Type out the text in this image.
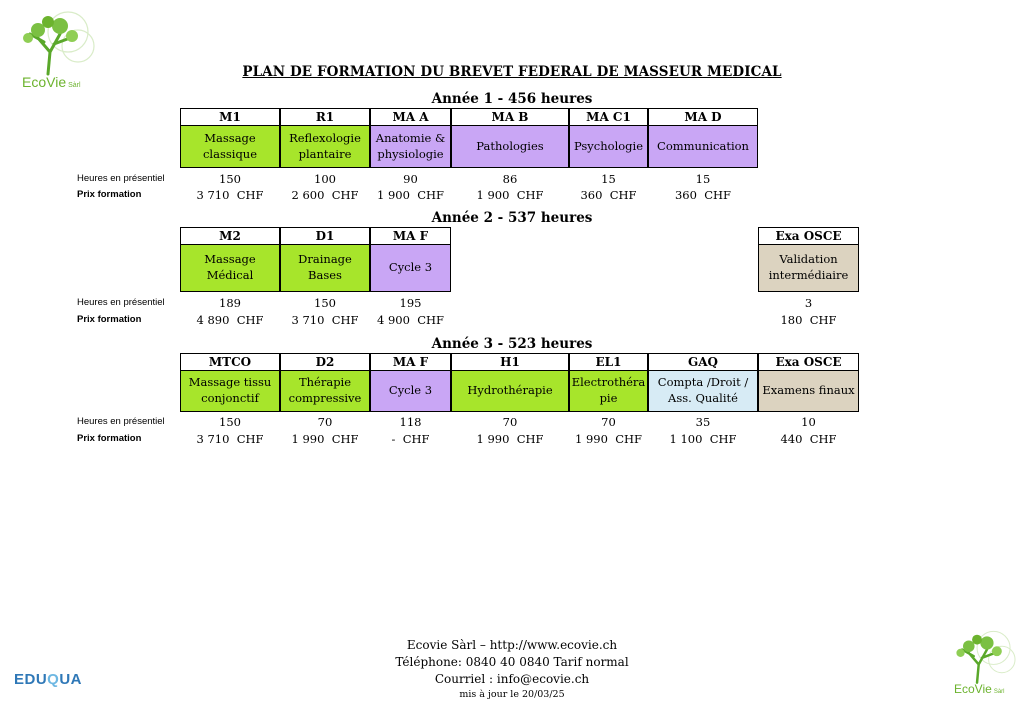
EcoVie Sàrl
PLAN DE FORMATION DU BREVET FEDERAL DE MASSEUR MEDICAL
Année 1 - 456 heures
Heures en présentiel
Prix formation
M1
Massage classique
150
3 710 CHF
R1
Reflexologie plantaire
100
2 600 CHF
MA A
Anatomie & physiologie
90
1 900 CHF
MA B
Pathologies
86
1 900 CHF
MA C1
Psychologie
15
360 CHF
MA D
Communication
15
360 CHF
Année 2 - 537 heures
Heures en présentiel
Prix formation
M2
Massage Médical
189
4 890 CHF
D1
Drainage Bases
150
3 710 CHF
MA F
Cycle 3
195
4 900 CHF
Exa OSCE
Validation intermédiaire
3
180 CHF
Année 3 - 523 heures
Heures en présentiel
Prix formation
MTCO
Massage tissu conjonctif
150
3 710 CHF
D2
Thérapie compressive
70
1 990 CHF
MA F
Cycle 3
118
- CHF
H1
Hydrothérapie
70
1 990 CHF
EL1
Electrothéra pie
70
1 990 CHF
GAQ
Compta /Droit / Ass. Qualité
35
1 100 CHF
Exa OSCE
Examens finaux
10
440 CHF
Ecovie Sàrl – http://www.ecovie.ch
Téléphone: 0840 40 0840 Tarif normal
Courriel : info@ecovie.ch
mis à jour le 20/03/25
EDUQUA
EcoVie Sàrl
